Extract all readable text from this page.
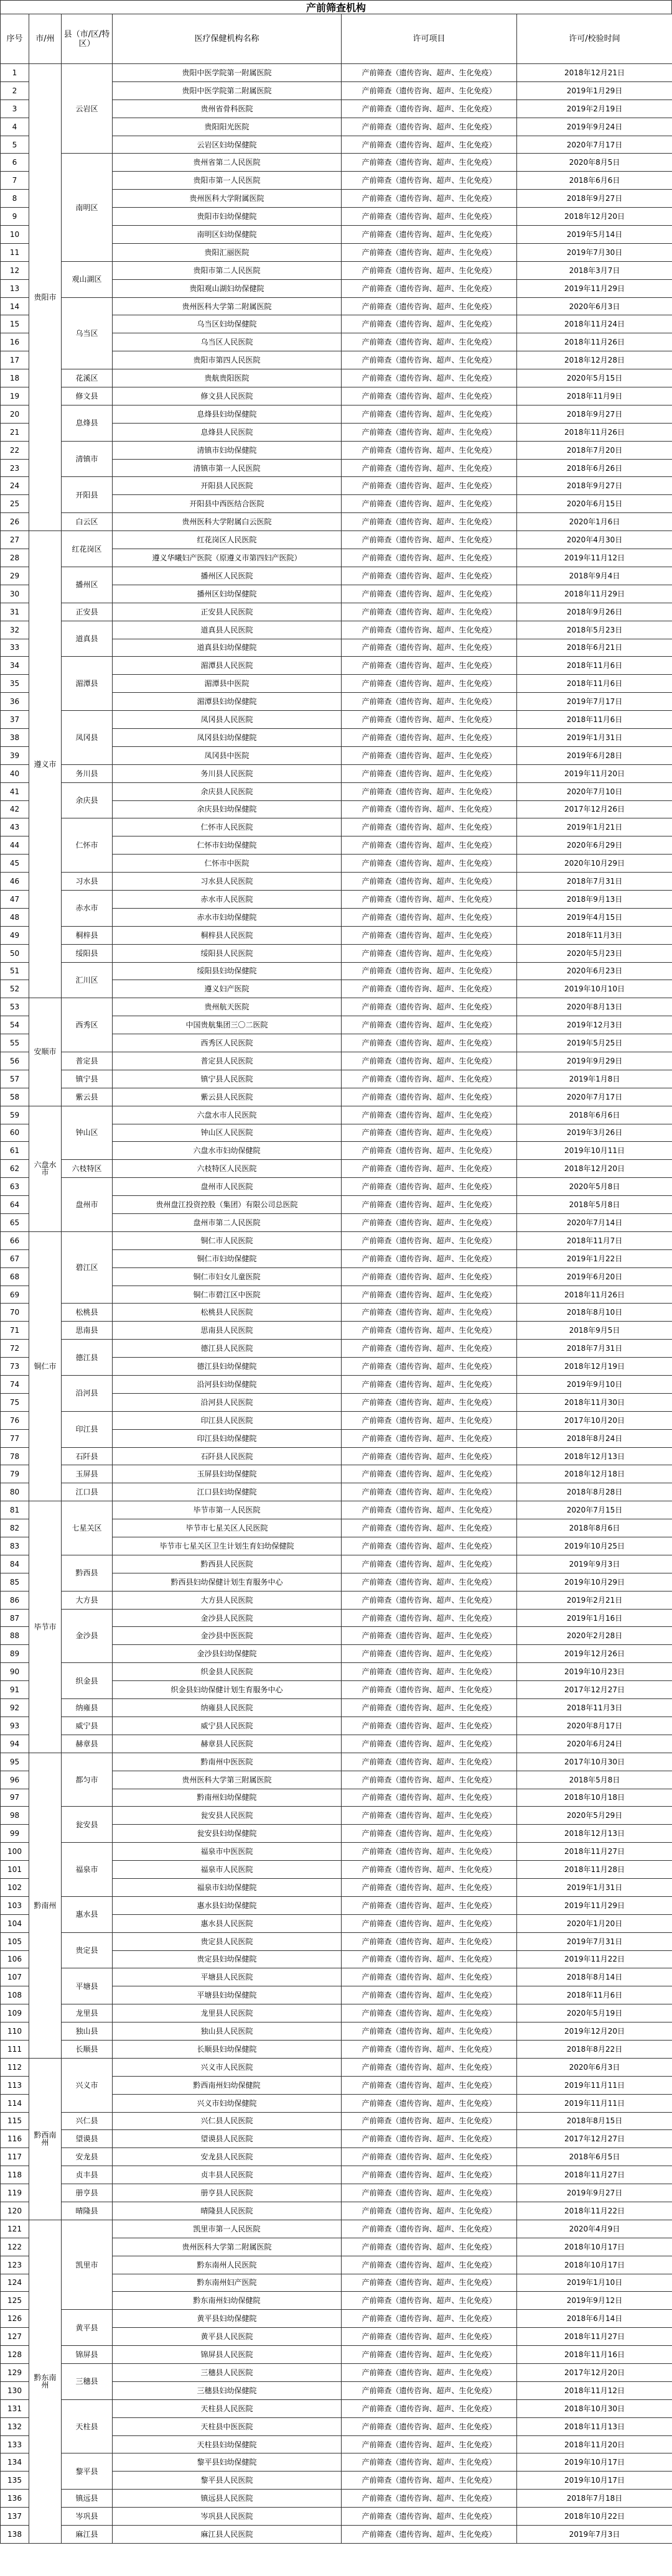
产前筛查机构
序号	市/州	县（市/区/特区）	医疗保健机构名称	许可项目	许可/校验时间
1	贵阳市	云岩区	贵阳中医学院第一附属医院	产前筛查（遗传咨询、超声、生化免疫）	2018年12月21日
2			贵阳中医学院第二附属医院	产前筛查（遗传咨询、超声、生化免疫）	2019年1月29日
3			贵州省骨科医院	产前筛查（遗传咨询、超声、生化免疫）	2019年2月19日
4			贵阳阳光医院	产前筛查（遗传咨询、超声、生化免疫）	2019年9月24日
5			云岩区妇幼保健院	产前筛查（遗传咨询、超声、生化免疫）	2020年7月17日
6		南明区	贵州省第二人民医院	产前筛查（遗传咨询、超声、生化免疫）	2020年8月5日
7			贵阳市第一人民医院	产前筛查（遗传咨询、超声、生化免疫）	2018年6月6日
8			贵州医科大学附属医院	产前筛查（遗传咨询、超声、生化免疫）	2018年9月27日
9			贵阳市妇幼保健院	产前筛查（遗传咨询、超声、生化免疫）	2018年12月20日
10			南明区妇幼保健院	产前筛查（遗传咨询、超声、生化免疫）	2019年5月14日
11			贵阳汇丽医院	产前筛查（遗传咨询、超声、生化免疫）	2019年7月30日
12		观山湖区	贵阳市第二人民医院	产前筛查（遗传咨询、超声、生化免疫）	2018年3月7日
13			贵阳观山湖妇幼保健院	产前筛查（遗传咨询、超声、生化免疫）	2019年11月29日
14		乌当区	贵州医科大学第二附属医院	产前筛查（遗传咨询、超声、生化免疫）	2020年6月3日
15			乌当区妇幼保健院	产前筛查（遗传咨询、超声、生化免疫）	2018年11月24日
16			乌当区人民医院	产前筛查（遗传咨询、超声、生化免疫）	2018年11月26日
17			贵阳市第四人民医院	产前筛查（遗传咨询、超声、生化免疫）	2018年12月28日
18		花溪区	贵航贵阳医院	产前筛查（遗传咨询、超声、生化免疫）	2020年5月15日
19		修文县	修文县人民医院	产前筛查（遗传咨询、超声、生化免疫）	2018年11月9日
20		息烽县	息烽县妇幼保健院	产前筛查（遗传咨询、超声、生化免疫）	2018年9月27日
21			息烽县人民医院	产前筛查（遗传咨询、超声、生化免疫）	2018年11月26日
22		清镇市	清镇市妇幼保健院	产前筛查（遗传咨询、超声、生化免疫）	2018年7月20日
23			清镇市第一人民医院	产前筛查（遗传咨询、超声、生化免疫）	2018年6月26日
24		开阳县	开阳县人民医院	产前筛查（遗传咨询、超声、生化免疫）	2018年9月27日
25			开阳县中西医结合医院	产前筛查（遗传咨询、超声、生化免疫）	2020年6月15日
26		白云区	贵州医科大学附属白云医院	产前筛查（遗传咨询、超声、生化免疫）	2020年1月6日
27	遵义市	红花岗区	红花岗区人民医院	产前筛查（遗传咨询、超声、生化免疫）	2020年4月30日
28			遵义华曦妇产医院（原遵义市第四妇产医院）	产前筛查（遗传咨询、超声、生化免疫）	2019年11月12日
29		播州区	播州区人民医院	产前筛查（遗传咨询、超声、生化免疫）	2018年9月4日
30			播州区妇幼保健院	产前筛查（遗传咨询、超声、生化免疫）	2018年11月29日
31		正安县	正安县人民医院	产前筛查（遗传咨询、超声、生化免疫）	2018年9月26日
32		道真县	道真县人民医院	产前筛查（遗传咨询、超声、生化免疫）	2018年5月23日
33			道真县妇幼保健院	产前筛查（遗传咨询、超声、生化免疫）	2018年6月21日
34		湄潭县	湄潭县人民医院	产前筛查（遗传咨询、超声、生化免疫）	2018年11月6日
35			湄潭县中医院	产前筛查（遗传咨询、超声、生化免疫）	2018年11月6日
36			湄潭县妇幼保健院	产前筛查（遗传咨询、超声、生化免疫）	2019年7月17日
37		凤冈县	凤冈县人民医院	产前筛查（遗传咨询、超声、生化免疫）	2018年11月6日
38			凤冈县妇幼保健院	产前筛查（遗传咨询、超声、生化免疫）	2019年1月31日
39			凤冈县中医院	产前筛查（遗传咨询、超声、生化免疫）	2019年6月28日
40		务川县	务川县人民医院	产前筛查（遗传咨询、超声、生化免疫）	2019年11月20日
41		余庆县	余庆县人民医院	产前筛查（遗传咨询、超声、生化免疫）	2020年7月10日
42			余庆县妇幼保健院	产前筛查（遗传咨询、超声、生化免疫）	2017年12月26日
43		仁怀市	仁怀市人民医院	产前筛查（遗传咨询、超声、生化免疫）	2019年1月21日
44			仁怀市妇幼保健院	产前筛查（遗传咨询、超声、生化免疫）	2020年6月29日
45			仁怀市中医院	产前筛查（遗传咨询、超声、生化免疫）	2020年10月29日
46		习水县	习水县人民医院	产前筛查（遗传咨询、超声、生化免疫）	2018年7月31日
47		赤水市	赤水市人民医院	产前筛查（遗传咨询、超声、生化免疫）	2018年9月13日
48			赤水市妇幼保健院	产前筛查（遗传咨询、超声、生化免疫）	2019年4月15日
49		桐梓县	桐梓县人民医院	产前筛查（遗传咨询、超声、生化免疫）	2018年11月3日
50		绥阳县	绥阳县人民医院	产前筛查（遗传咨询、超声、生化免疫）	2020年5月23日
51		汇川区	绥阳县妇幼保健院	产前筛查（遗传咨询、超声、生化免疫）	2020年6月23日
52			遵义妇产医院	产前筛查（遗传咨询、超声、生化免疫）	2019年10月10日
53	安顺市	西秀区	贵州航天医院	产前筛查（遗传咨询、超声、生化免疫）	2020年8月13日
54			中国贵航集团三〇二医院	产前筛查（遗传咨询、超声、生化免疫）	2019年12月3日
55			西秀区人民医院	产前筛查（遗传咨询、超声、生化免疫）	2019年5月25日
56		普定县	普定县人民医院	产前筛查（遗传咨询、超声、生化免疫）	2019年9月29日
57		镇宁县	镇宁县人民医院	产前筛查（遗传咨询、超声、生化免疫）	2019年1月8日
58		紫云县	紫云县人民医院	产前筛查（遗传咨询、超声、生化免疫）	2020年7月17日
59	六盘水市	钟山区	六盘水市人民医院	产前筛查（遗传咨询、超声、生化免疫）	2018年6月6日
60			钟山区人民医院	产前筛查（遗传咨询、超声、生化免疫）	2019年3月26日
61			六盘水市妇幼保健院	产前筛查（遗传咨询、超声、生化免疫）	2019年10月11日
62		六枝特区	六枝特区人民医院	产前筛查（遗传咨询、超声、生化免疫）	2018年12月20日
63		盘州市	盘州市人民医院	产前筛查（遗传咨询、超声、生化免疫）	2020年5月8日
64			贵州盘江投资控股（集团）有限公司总医院	产前筛查（遗传咨询、超声、生化免疫）	2018年5月8日
65			盘州市第二人民医院	产前筛查（遗传咨询、超声、生化免疫）	2020年7月14日
66	铜仁市	碧江区	铜仁市人民医院	产前筛查（遗传咨询、超声、生化免疫）	2018年11月7日
67			铜仁市妇幼保健院	产前筛查（遗传咨询、超声、生化免疫）	2019年1月22日
68			铜仁市妇女儿童医院	产前筛查（遗传咨询、超声、生化免疫）	2019年6月20日
69			铜仁市碧江区中医院	产前筛查（遗传咨询、超声、生化免疫）	2018年11月26日
70		松桃县	松桃县人民医院	产前筛查（遗传咨询、超声、生化免疫）	2018年8月10日
71		思南县	思南县人民医院	产前筛查（遗传咨询、超声、生化免疫）	2018年9月5日
72		德江县	德江县人民医院	产前筛查（遗传咨询、超声、生化免疫）	2018年7月31日
73			德江县妇幼保健院	产前筛查（遗传咨询、超声、生化免疫）	2018年12月19日
74		沿河县	沿河县妇幼保健院	产前筛查（遗传咨询、超声、生化免疫）	2019年9月10日
75			沿河县人民医院	产前筛查（遗传咨询、超声、生化免疫）	2018年11月30日
76		印江县	印江县人民医院	产前筛查（遗传咨询、超声、生化免疫）	2017年10月20日
77			印江县妇幼保健院	产前筛查（遗传咨询、超声、生化免疫）	2018年8月24日
78		石阡县	石阡县人民医院	产前筛查（遗传咨询、超声、生化免疫）	2018年12月13日
79		玉屏县	玉屏县妇幼保健院	产前筛查（遗传咨询、超声、生化免疫）	2018年12月18日
80		江口县	江口县妇幼保健院	产前筛查（遗传咨询、超声、生化免疫）	2018年8月28日
81	毕节市	七星关区	毕节市第一人民医院	产前筛查（遗传咨询、超声、生化免疫）	2020年7月15日
82			毕节市七星关区人民医院	产前筛查（遗传咨询、超声、生化免疫）	2018年8月6日
83			毕节市七星关区卫生计划生育妇幼保健院	产前筛查（遗传咨询、超声、生化免疫）	2019年10月25日
84		黔西县	黔西县人民医院	产前筛查（遗传咨询、超声、生化免疫）	2019年9月3日
85			黔西县妇幼保健计划生育服务中心	产前筛查（遗传咨询、超声、生化免疫）	2019年10月29日
86		大方县	大方县人民医院	产前筛查（遗传咨询、超声、生化免疫）	2019年2月21日
87		金沙县	金沙县人民医院	产前筛查（遗传咨询、超声、生化免疫）	2019年1月16日
88			金沙县中医医院	产前筛查（遗传咨询、超声、生化免疫）	2020年2月28日
89			金沙县妇幼保健院	产前筛查（遗传咨询、超声、生化免疫）	2019年12月26日
90		织金县	织金县人民医院	产前筛查（遗传咨询、超声、生化免疫）	2019年10月23日
91			织金县妇幼保健计划生育服务中心	产前筛查（遗传咨询、超声、生化免疫）	2017年12月27日
92		纳雍县	纳雍县人民医院	产前筛查（遗传咨询、超声、生化免疫）	2018年11月3日
93		威宁县	威宁县人民医院	产前筛查（遗传咨询、超声、生化免疫）	2020年8月17日
94		赫章县	赫章县人民医院	产前筛查（遗传咨询、超声、生化免疫）	2020年6月24日
95	黔南州	都匀市	黔南州中医医院	产前筛查（遗传咨询、超声、生化免疫）	2017年10月30日
96			贵州医科大学第三附属医院	产前筛查（遗传咨询、超声、生化免疫）	2018年5月8日
97			黔南州妇幼保健院	产前筛查（遗传咨询、超声、生化免疫）	2018年10月18日
98		瓮安县	瓮安县人民医院	产前筛查（遗传咨询、超声、生化免疫）	2020年5月29日
99			瓮安县妇幼保健院	产前筛查（遗传咨询、超声、生化免疫）	2018年12月13日
100		福泉市	福泉市中医医院	产前筛查（遗传咨询、超声、生化免疫）	2018年11月27日
101			福泉市人民医院	产前筛查（遗传咨询、超声、生化免疫）	2018年11月28日
102			福泉市妇幼保健院	产前筛查（遗传咨询、超声、生化免疫）	2019年1月31日
103		惠水县	惠水县妇幼保健院	产前筛查（遗传咨询、超声、生化免疫）	2019年11月29日
104			惠水县人民医院	产前筛查（遗传咨询、超声、生化免疫）	2020年1月20日
105		贵定县	贵定县人民医院	产前筛查（遗传咨询、超声、生化免疫）	2019年7月31日
106			贵定县妇幼保健院	产前筛查（遗传咨询、超声、生化免疫）	2019年11月22日
107		平塘县	平塘县人民医院	产前筛查（遗传咨询、超声、生化免疫）	2018年8月14日
108			平塘县妇幼保健院	产前筛查（遗传咨询、超声、生化免疫）	2018年11月6日
109		龙里县	龙里县人民医院	产前筛查（遗传咨询、超声、生化免疫）	2020年5月19日
110		独山县	独山县人民医院	产前筛查（遗传咨询、超声、生化免疫）	2019年12月20日
111		长顺县	长顺县妇幼保健院	产前筛查（遗传咨询、超声、生化免疫）	2018年8月22日
112	黔西南州	兴义市	兴义市人民医院	产前筛查（遗传咨询、超声、生化免疫）	2020年6月3日
113			黔西南州妇幼保健院	产前筛查（遗传咨询、超声、生化免疫）	2019年11月11日
114			兴义市妇幼保健院	产前筛查（遗传咨询、超声、生化免疫）	2019年11月11日
115		兴仁县	兴仁县人民医院	产前筛查（遗传咨询、超声、生化免疫）	2018年8月15日
116		望谟县	望谟县人民医院	产前筛查（遗传咨询、超声、生化免疫）	2017年12月27日
117		安龙县	安龙县人民医院	产前筛查（遗传咨询、超声、生化免疫）	2018年6月5日
118		贞丰县	贞丰县人民医院	产前筛查（遗传咨询、超声、生化免疫）	2018年11月27日
119		册亨县	册亨县人民医院	产前筛查（遗传咨询、超声、生化免疫）	2019年9月27日
120		晴隆县	晴隆县人民医院	产前筛查（遗传咨询、超声、生化免疫）	2018年11月22日
121	黔东南州	凯里市	凯里市第一人民医院	产前筛查（遗传咨询、超声、生化免疫）	2020年4月9日
122			贵州医科大学第二附属医院	产前筛查（遗传咨询、超声、生化免疫）	2018年10月17日
123			黔东南州人民医院	产前筛查（遗传咨询、超声、生化免疫）	2018年10月17日
124			黔东南州妇产医院	产前筛查（遗传咨询、超声、生化免疫）	2019年1月10日
125			黔东南州妇幼保健院	产前筛查（遗传咨询、超声、生化免疫）	2019年9月12日
126		黄平县	黄平县妇幼保健院	产前筛查（遗传咨询、超声、生化免疫）	2018年6月14日
127			黄平县人民医院	产前筛查（遗传咨询、超声、生化免疫）	2018年11月27日
128		锦屏县	锦屏县人民医院	产前筛查（遗传咨询、超声、生化免疫）	2018年11月16日
129		三穗县	三穗县人民医院	产前筛查（遗传咨询、超声、生化免疫）	2017年12月20日
130			三穗县妇幼保健院	产前筛查（遗传咨询、超声、生化免疫）	2018年11月12日
131		天柱县	天柱县人民医院	产前筛查（遗传咨询、超声、生化免疫）	2018年10月30日
132			天柱县中医医院	产前筛查（遗传咨询、超声、生化免疫）	2018年11月13日
133			天柱县妇幼保健院	产前筛查（遗传咨询、超声、生化免疫）	2018年11月20日
134		黎平县	黎平县妇幼保健院	产前筛查（遗传咨询、超声、生化免疫）	2019年10月17日
135			黎平县人民医院	产前筛查（遗传咨询、超声、生化免疫）	2019年10月17日
136		镇远县	镇远县人民医院	产前筛查（遗传咨询、超声、生化免疫）	2018年7月18日
137		岑巩县	岑巩县人民医院	产前筛查（遗传咨询、超声、生化免疫）	2018年10月22日
138		麻江县	麻江县人民医院	产前筛查（遗传咨询、超声、生化免疫）	2019年7月3日
